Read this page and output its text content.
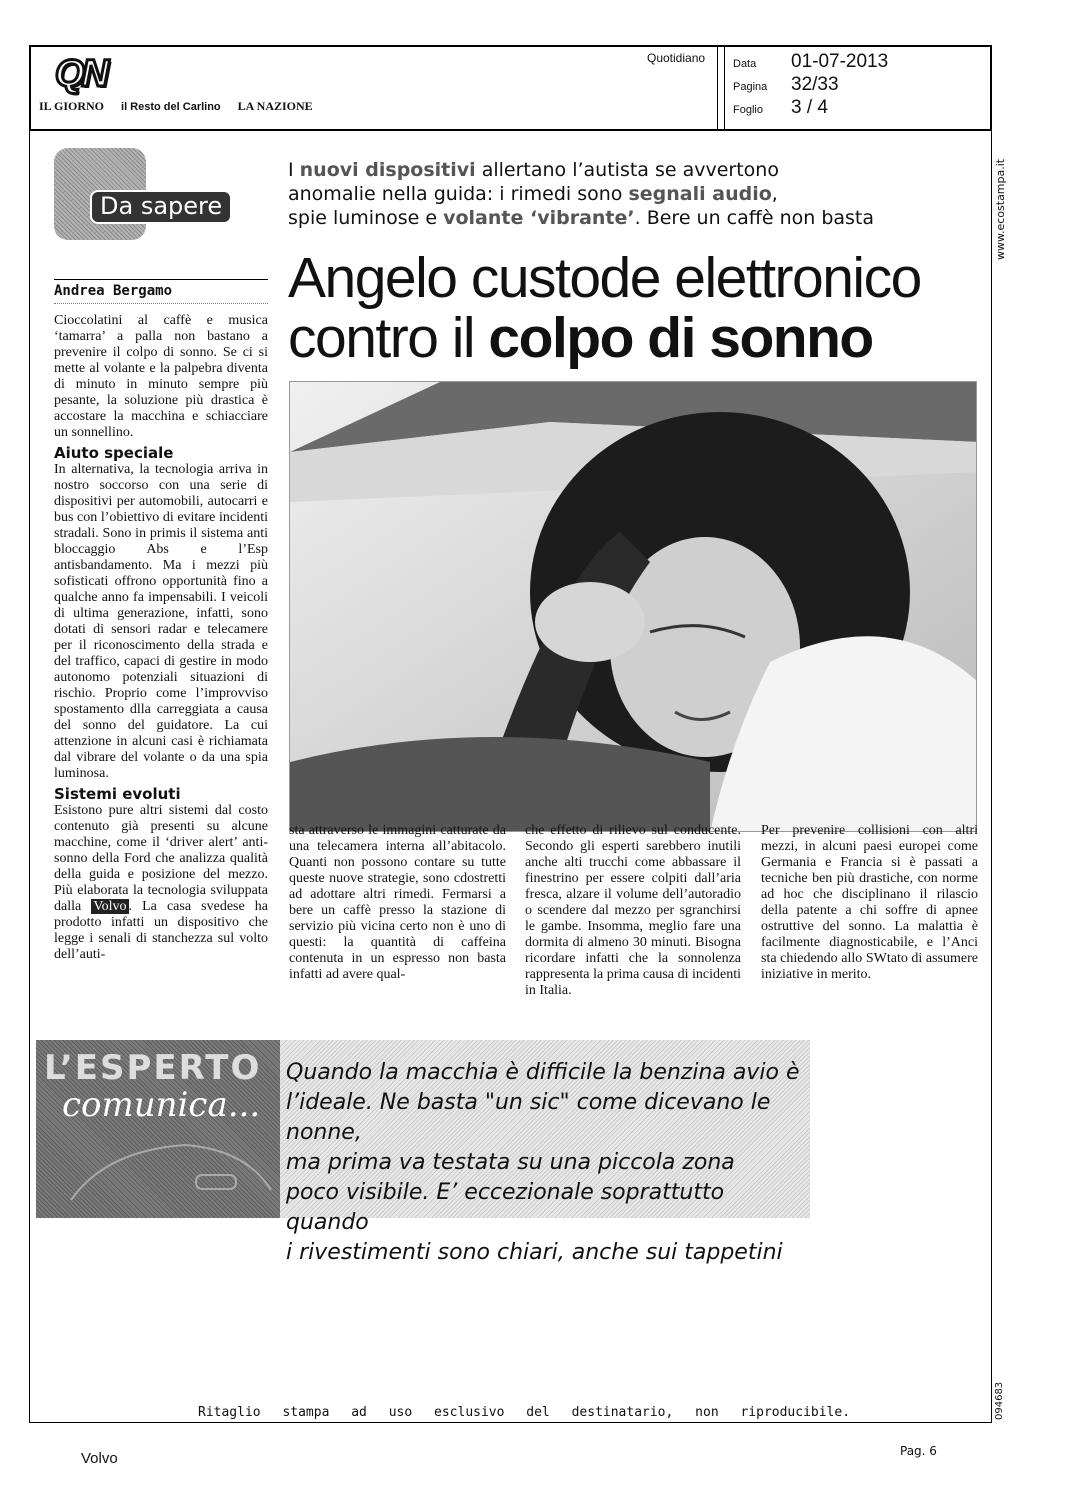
QN
IL GIORNO il Resto del Carlino LA NAZIONE
Quotidiano	Data	01-07-2013
Pagina	32/33
Foglio	3 / 4
www.ecostampa.it
094683
Da sapere
I nuovi dispositivi allertano l’autista se avvertono
anomalie nella guida: i rimedi sono segnali audio,
spie luminose e volante ‘vibrante’. Bere un caffè non basta
Angelo custode elettronico
contro il colpo di sonno
Andrea Bergamo

Cioccolatini al caffè e musica ‘tamarra’ a palla non bastano a prevenire il colpo di sonno. Se ci si mette al volante e la palpebra diventa di minuto in minuto sempre più pesante, la soluzione più drastica è accostare la macchina e schiacciare un sonnellino.

Aiuto speciale

In alternativa, la tecnologia arriva in nostro soccorso con una serie di dispositivi per automobili, autocarri e bus con l’obiettivo di evitare incidenti stradali. Sono in primis il sistema anti bloccaggio Abs e l’Esp antisbandamento. Ma i mezzi più sofisticati offrono opportunità fino a qualche anno fa impensabili. I veicoli di ultima generazione, infatti, sono dotati di sensori radar e telecamere per il riconoscimento della strada e del traffico, capaci di gestire in modo autonomo potenziali situazioni di rischio. Proprio come l’improvviso spostamento dlla carreggiata a causa del sonno del guidatore. La cui attenzione in alcuni casi è richiamata dal vibrare del volante o da una spia luminosa.

Sistemi evoluti

Esistono pure altri sistemi dal costo contenuto già presenti su alcune macchine, come il ‘driver alert’ anti-sonno della Ford che analizza qualità della guida e posizione del mezzo. Più elaborata la tecnologia sviluppata dalla Volvo . La casa svedese ha prodotto infatti un dispositivo che legge i senali di stanchezza sul volto dell’auti-

sta attraverso le immagini catturate da una telecamera interna all’abitacolo. Quanti non possono contare su tutte queste nuove strategie, sono cdostretti ad adottare altri rimedi. Fermarsi a bere un caffè presso la stazione di servizio più vicina certo non è uno di questi: la quantità di caffeina contenuta in un espresso non basta infatti ad avere qual-
che effetto di rilievo sul conducente. Secondo gli esperti sarebbero inutili anche alti trucchi come abbassare il finestrino per essere colpiti dall’aria fresca, alzare il volume dell’autoradio o scendere dal mezzo per sgranchirsi le gambe. Insomma, meglio fare una dormita di almeno 30 minuti. Bisogna ricordare infatti che la sonnolenza rappresenta la prima causa di incidenti in Italia.
Per prevenire collisioni con altri mezzi, in alcuni paesi europei come Germania e Francia si è passati a tecniche ben più drastiche, con norme ad hoc che disciplinano il rilascio della patente a chi soffre di apnee ostruttive del sonno. La malattia è facilmente diagnosticabile, e l’Anci sta chiedendo allo SWtato di assumere iniziative in merito.
L’ESPERTO
comunica...
Quando la macchia è difficile la benzina avio è
l’ideale. Ne basta "un sic" come dicevano le nonne,
ma prima va testata su una piccola zona
poco visibile. E’ eccezionale soprattutto quando
i rivestimenti sono chiari, anche sui tappetini
Ritaglio stampa ad uso esclusivo del destinatario, non riproducibile.
Volvo	Pag. 6
